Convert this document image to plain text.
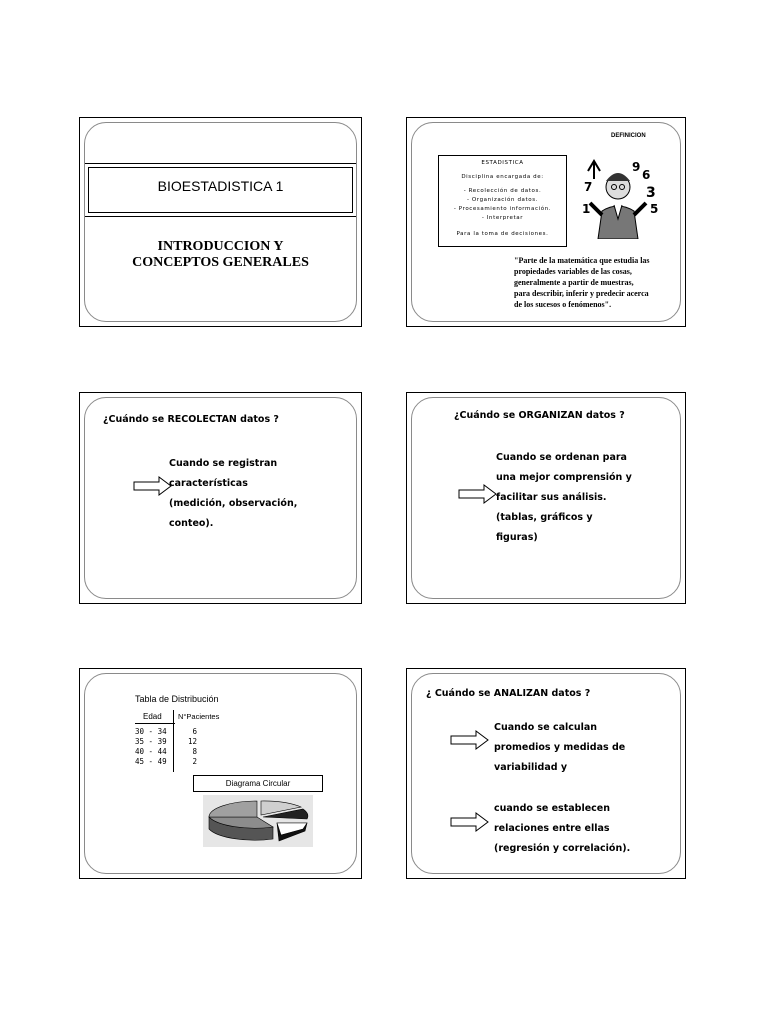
BIOESTADISTICA 1
INTRODUCCION Y
CONCEPTOS GENERALES
DEFINICION
ESTADISTICA
Disciplina encargada de:
- Recolección de datos.
- Organización datos.
- Procesamiento información.
- Interpretar
Para la toma de decisiones.
9
6
3
7
5
1
"Parte de la matemática que estudia las
propiedades variables de las cosas,
generalmente a partir de muestras,
para describir, inferir y predecir acerca
de los sucesos o fenómenos".
¿Cuándo se RECOLECTAN datos ?
Cuando se registran
características
(medición, observación,
conteo).
¿Cuándo se ORGANIZAN datos ?
Cuando se ordenan para
una mejor comprensión y
facilitar sus análisis.
(tablas, gráficos y
figuras)
Tabla de Distribución
Edad N°Pacientes
30 - 34	6
35 - 39	12
40 - 44	8
45 - 49	2
Diagrama Circular
¿ Cuándo se ANALIZAN datos ?
Cuando se calculan
promedios y medidas de
variabilidad y
cuando se establecen
relaciones entre ellas
(regresión y correlación).
